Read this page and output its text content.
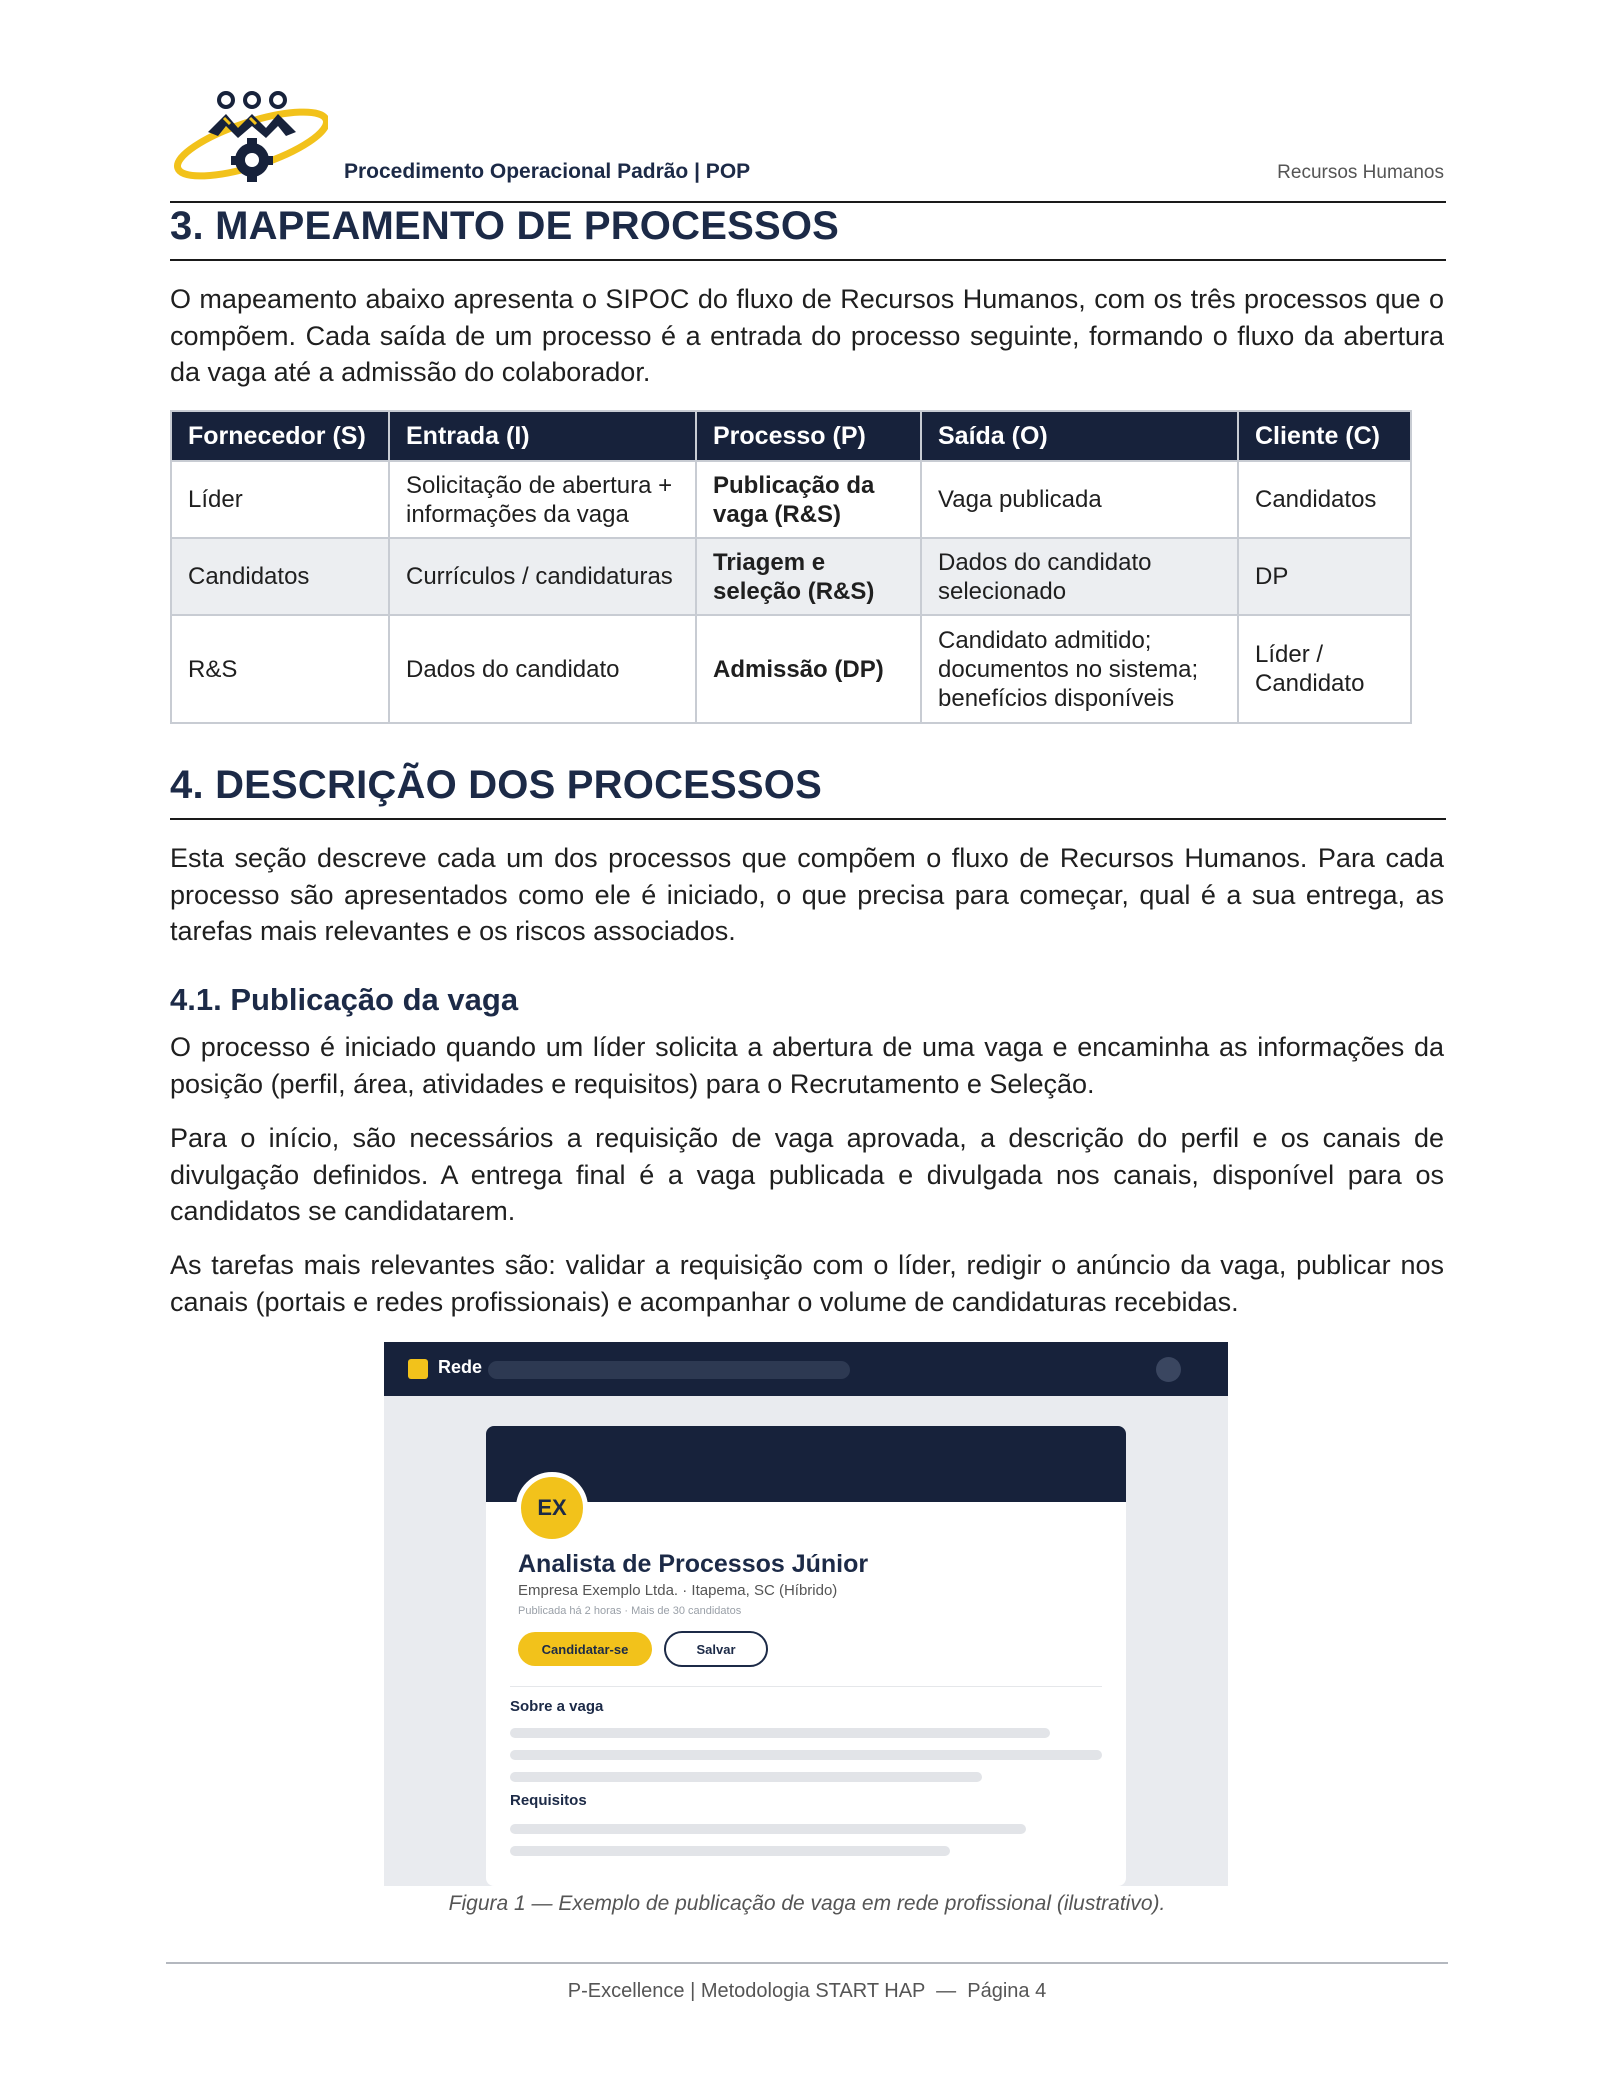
Procedimento Operacional Padrão | POP	Recursos Humanos
3. MAPEAMENTO DE PROCESSOS

O mapeamento abaixo apresenta o SIPOC do fluxo de Recursos Humanos, com os três processos que o compõem. Cada saída de um processo é a entrada do processo seguinte, formando o fluxo da abertura da vaga até a admissão do colaborador.

Fornecedor (S)	Entrada (I)	Processo (P)	Saída (O)	Cliente (C)
Líder	Solicitação de abertura + informações da vaga	Publicação da vaga (R&S)	Vaga publicada	Candidatos
Candidatos	Currículos / candidaturas	Triagem e seleção (R&S)	Dados do candidato selecionado	DP
R&S	Dados do candidato	Admissão (DP)	Candidato admitido; documentos no sistema; benefícios disponíveis	Líder / Candidato
4. DESCRIÇÃO DOS PROCESSOS

Esta seção descreve cada um dos processos que compõem o fluxo de Recursos Humanos. Para cada processo são apresentados como ele é iniciado, o que precisa para começar, qual é a sua entrega, as tarefas mais relevantes e os riscos associados.

4.1. Publicação da vaga

O processo é iniciado quando um líder solicita a abertura de uma vaga e encaminha as informações da posição (perfil, área, atividades e requisitos) para o Recrutamento e Seleção.

Para o início, são necessários a requisição de vaga aprovada, a descrição do perfil e os canais de divulgação definidos. A entrega final é a vaga publicada e divulgada nos canais, disponível para os candidatos se candidatarem.

As tarefas mais relevantes são: validar a requisição com o líder, redigir o anúncio da vaga, publicar nos canais (portais e redes profissionais) e acompanhar o volume de candidaturas recebidas.

Rede
EX
Analista de Processos Júnior
Empresa Exemplo Ltda. · Itapema, SC (Híbrido)
Publicada há 2 horas · Mais de 30 candidatos
Candidatar-se	Salvar
Sobre a vaga
Requisitos
Figura 1 — Exemplo de publicação de vaga em rede profissional (ilustrativo).
P-Excellence | Metodologia START HAP  —  Página 4
